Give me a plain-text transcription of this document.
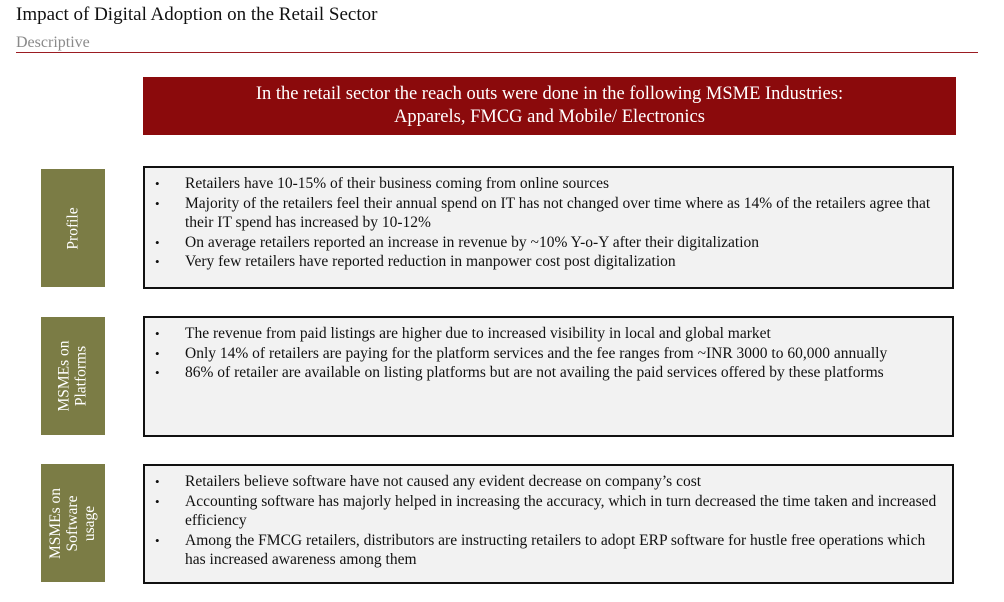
Impact of Digital Adoption on the Retail Sector
Descriptive
In the retail sector the reach outs were done in the following MSME Industries:
Apparels, FMCG and Mobile/ Electronics
Profile
• Retailers have 10-15% of their business coming from online sources
• Majority of the retailers feel their annual spend on IT has not changed over time where as 14% of the retailers agree that their IT spend has increased by 10-12%
• On average retailers reported an increase in revenue by ~10% Y-o-Y after their digitalization
• Very few retailers have reported reduction in manpower cost post digitalization
MSMEs on
Platforms
• The revenue from paid listings are higher due to increased visibility in local and global market
• Only 14% of retailers are paying for the platform services and the fee ranges from ~INR 3000 to 60,000 annually
• 86% of retailer are available on listing platforms but are not availing the paid services offered by these platforms
MSMEs on
Software
usage
• Retailers believe software have not caused any evident decrease on company’s cost
• Accounting software has majorly helped in increasing the accuracy, which in turn decreased the time taken and increased efficiency
• Among the FMCG retailers, distributors are instructing retailers to adopt ERP software for hustle free operations which has increased awareness among them
